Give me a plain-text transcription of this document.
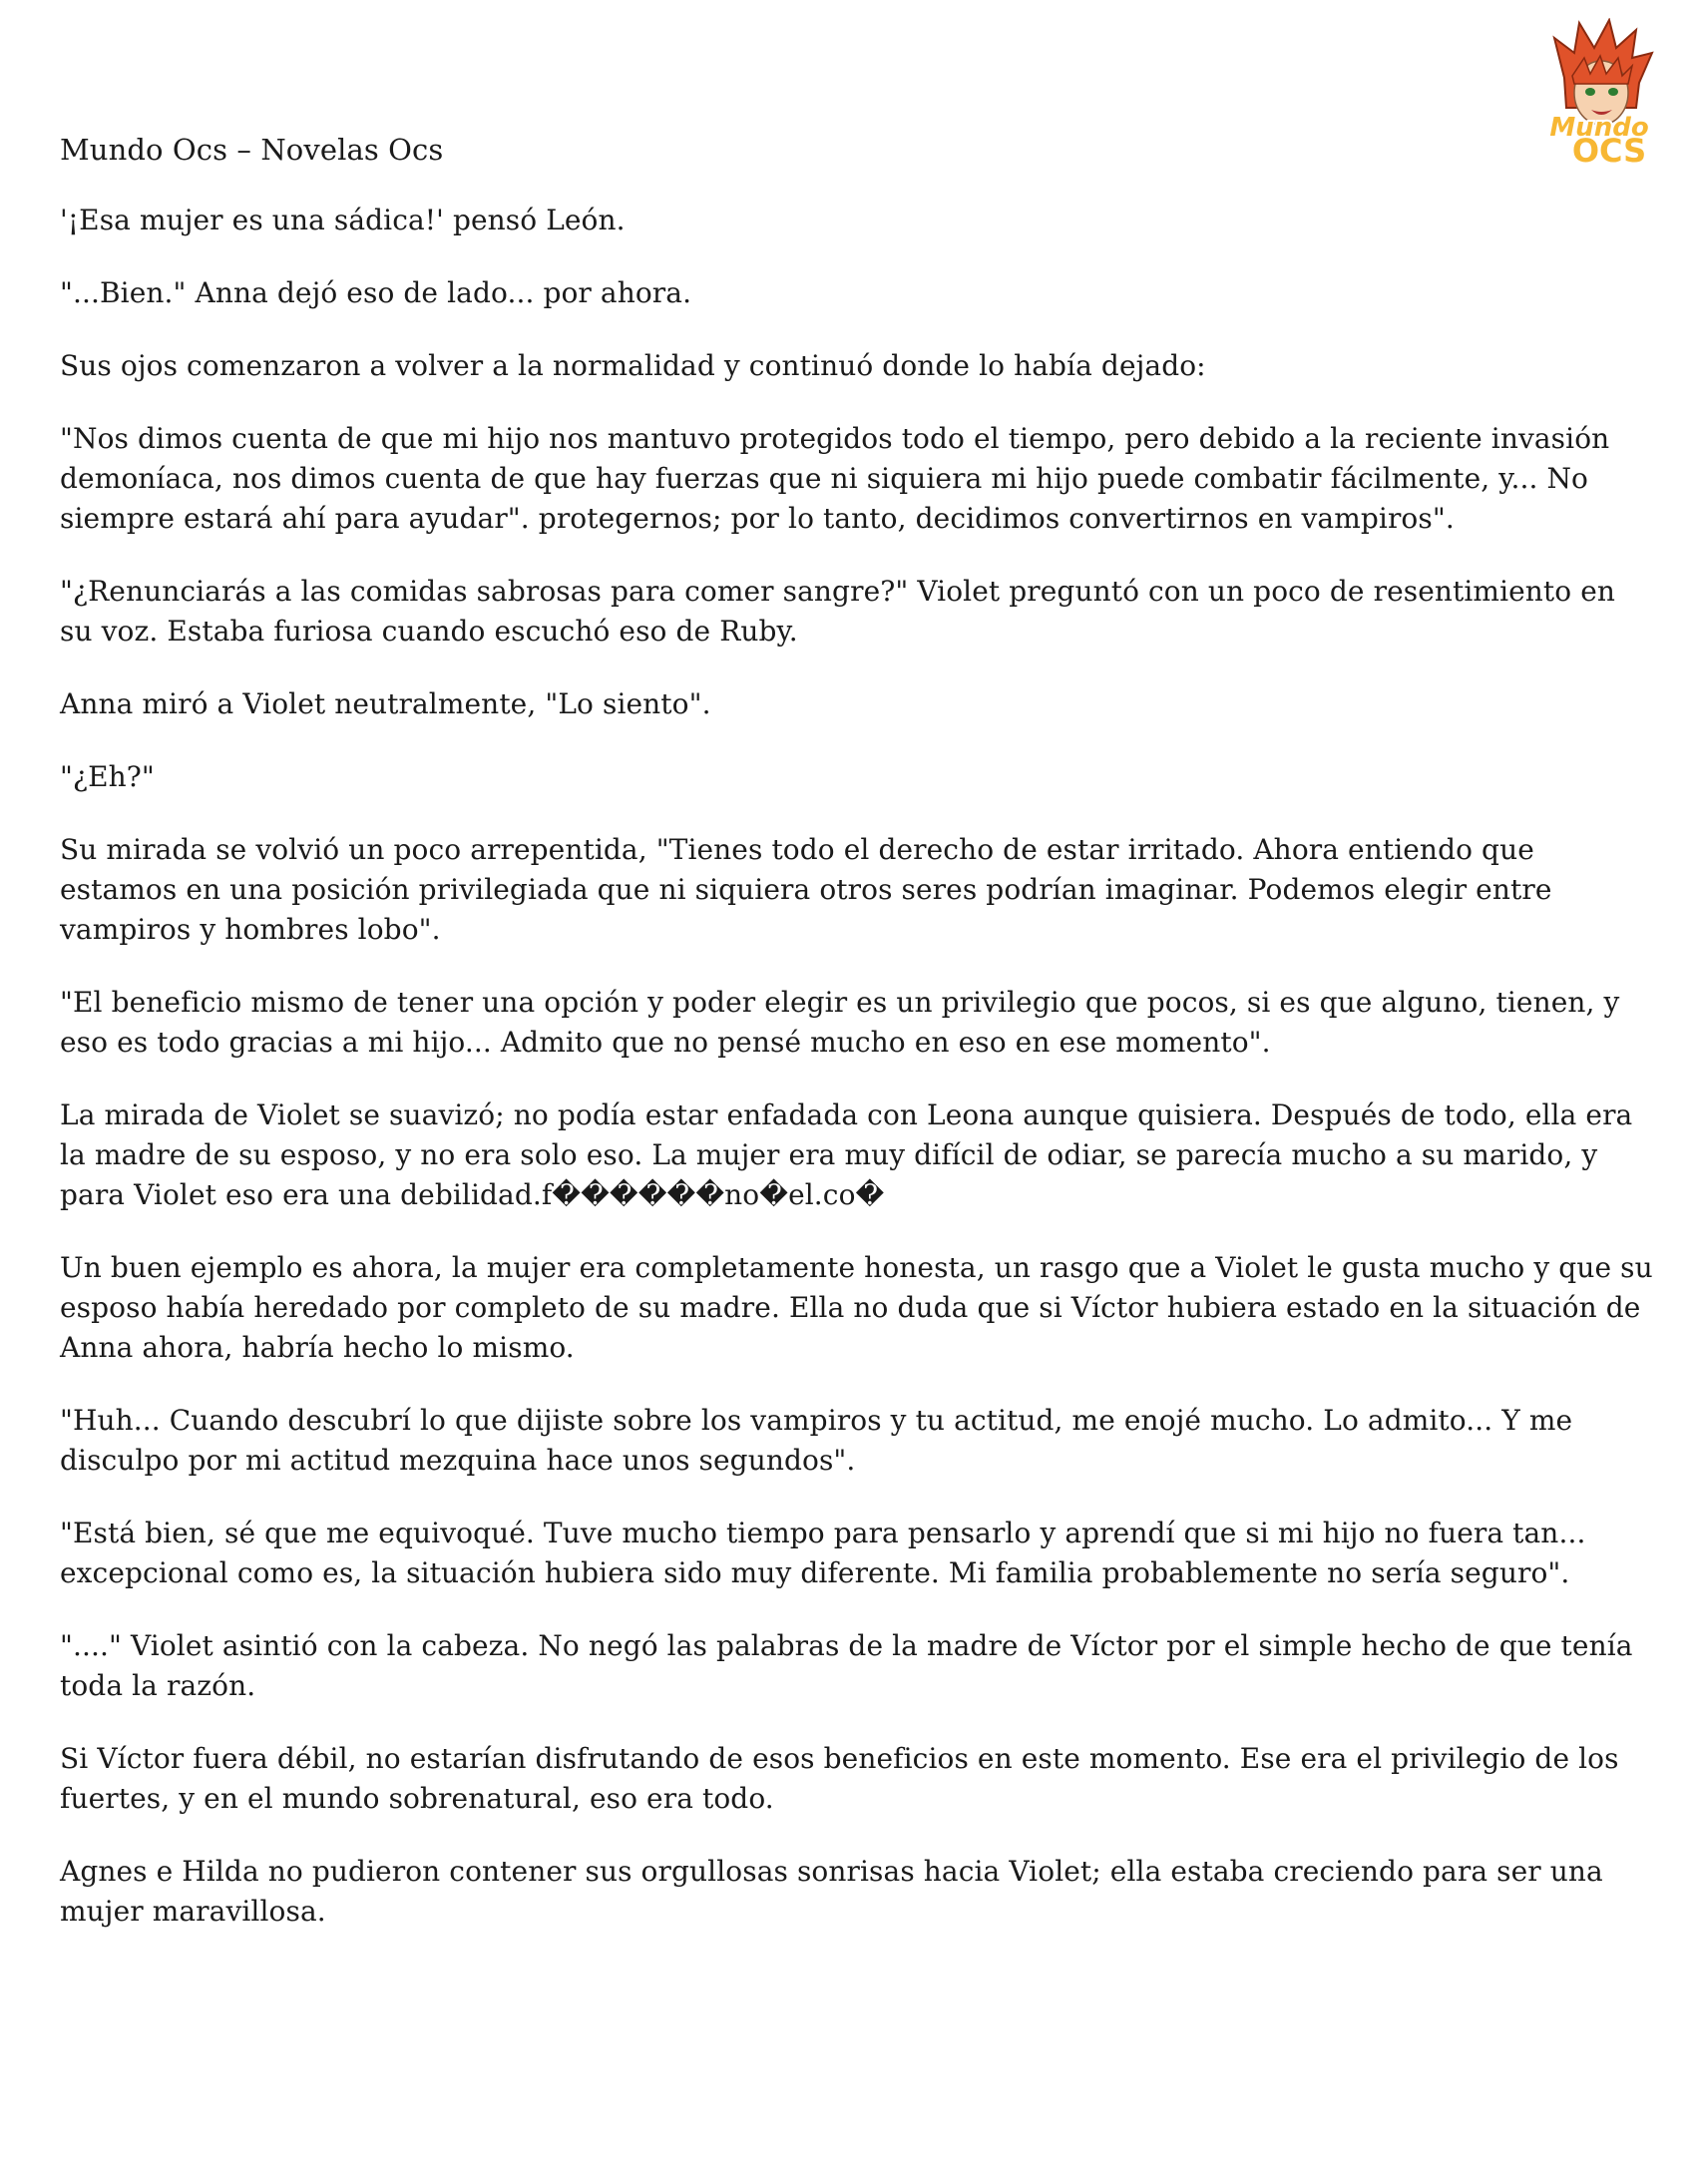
Mundo
OCS
Mundo Ocs – Novelas Ocs

'¡Esa mujer es una sádica!' pensó León.

"...Bien." Anna dejó eso de lado... por ahora.

Sus ojos comenzaron a volver a la normalidad y continuó donde lo había dejado:

"Nos dimos cuenta de que mi hijo nos mantuvo protegidos todo el tiempo, pero debido a la reciente invasión demoníaca, nos dimos cuenta de que hay fuerzas que ni siquiera mi hijo puede combatir fácilmente, y... No siempre estará ahí para ayudar". protegernos; por lo tanto, decidimos convertirnos en vampiros".

"¿Renunciarás a las comidas sabrosas para comer sangre?" Violet preguntó con un poco de resentimiento en su voz. Estaba furiosa cuando escuchó eso de Ruby.

Anna miró a Violet neutralmente, "Lo siento".

"¿Eh?"

Su mirada se volvió un poco arrepentida, "Tienes todo el derecho de estar irritado. Ahora entiendo que estamos en una posición privilegiada que ni siquiera otros seres podrían imaginar. Podemos elegir entre vampiros y hombres lobo".

"El beneficio mismo de tener una opción y poder elegir es un privilegio que pocos, si es que alguno, tienen, y eso es todo gracias a mi hijo... Admito que no pensé mucho en eso en ese momento".

La mirada de Violet se suavizó; no podía estar enfadada con Leona aunque quisiera. Después de todo, ella era la madre de su esposo, y no era solo eso. La mujer era muy difícil de odiar, se parecía mucho a su marido, y para Violet eso era una debilidad.f������no�el.co�

Un buen ejemplo es ahora, la mujer era completamente honesta, un rasgo que a Violet le gusta mucho y que su esposo había heredado por completo de su madre. Ella no duda que si Víctor hubiera estado en la situación de Anna ahora, habría hecho lo mismo.

"Huh... Cuando descubrí lo que dijiste sobre los vampiros y tu actitud, me enojé mucho. Lo admito... Y me disculpo por mi actitud mezquina hace unos segundos".

"Está bien, sé que me equivoqué. Tuve mucho tiempo para pensarlo y aprendí que si mi hijo no fuera tan... excepcional como es, la situación hubiera sido muy diferente. Mi familia probablemente no sería seguro".

"...." Violet asintió con la cabeza. No negó las palabras de la madre de Víctor por el simple hecho de que tenía toda la razón.

Si Víctor fuera débil, no estarían disfrutando de esos beneficios en este momento. Ese era el privilegio de los fuertes, y en el mundo sobrenatural, eso era todo.

Agnes e Hilda no pudieron contener sus orgullosas sonrisas hacia Violet; ella estaba creciendo para ser una mujer maravillosa.
